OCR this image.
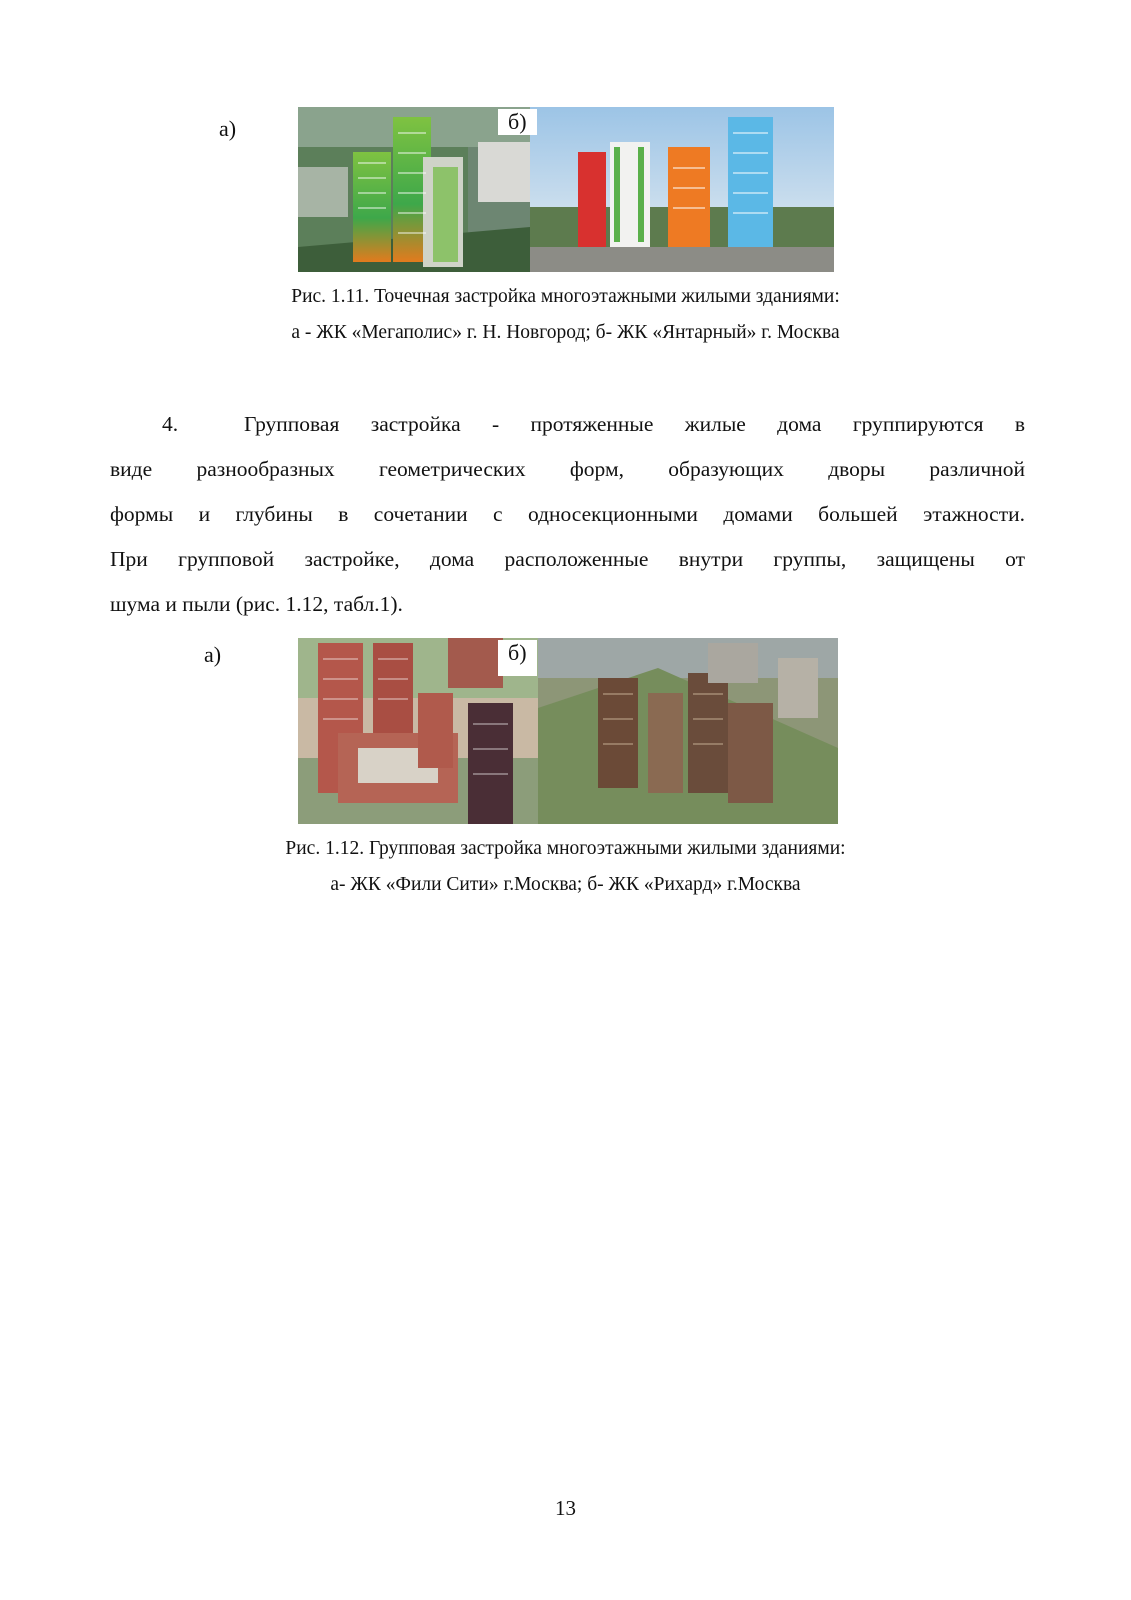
а)	б)
Рис. 1.11. Точечная застройка многоэтажными жилыми зданиями:
а - ЖК «Мегаполис» г. Н. Новгород; б- ЖК «Янтарный» г. Москва
4.	Групповая застройка - протяженные жилые дома группируются в
виде разнообразных геометрических форм, образующих дворы различной
формы и глубины в сочетании с односекционными домами большей этажности.
При групповой застройке, дома расположенные внутри группы, защищены от
шума и пыли (рис. 1.12, табл.1).
а)	б)
Рис. 1.12. Групповая застройка многоэтажными жилыми зданиями:
а- ЖК «Фили Сити» г.Москва; б- ЖК «Рихард» г.Москва
13
